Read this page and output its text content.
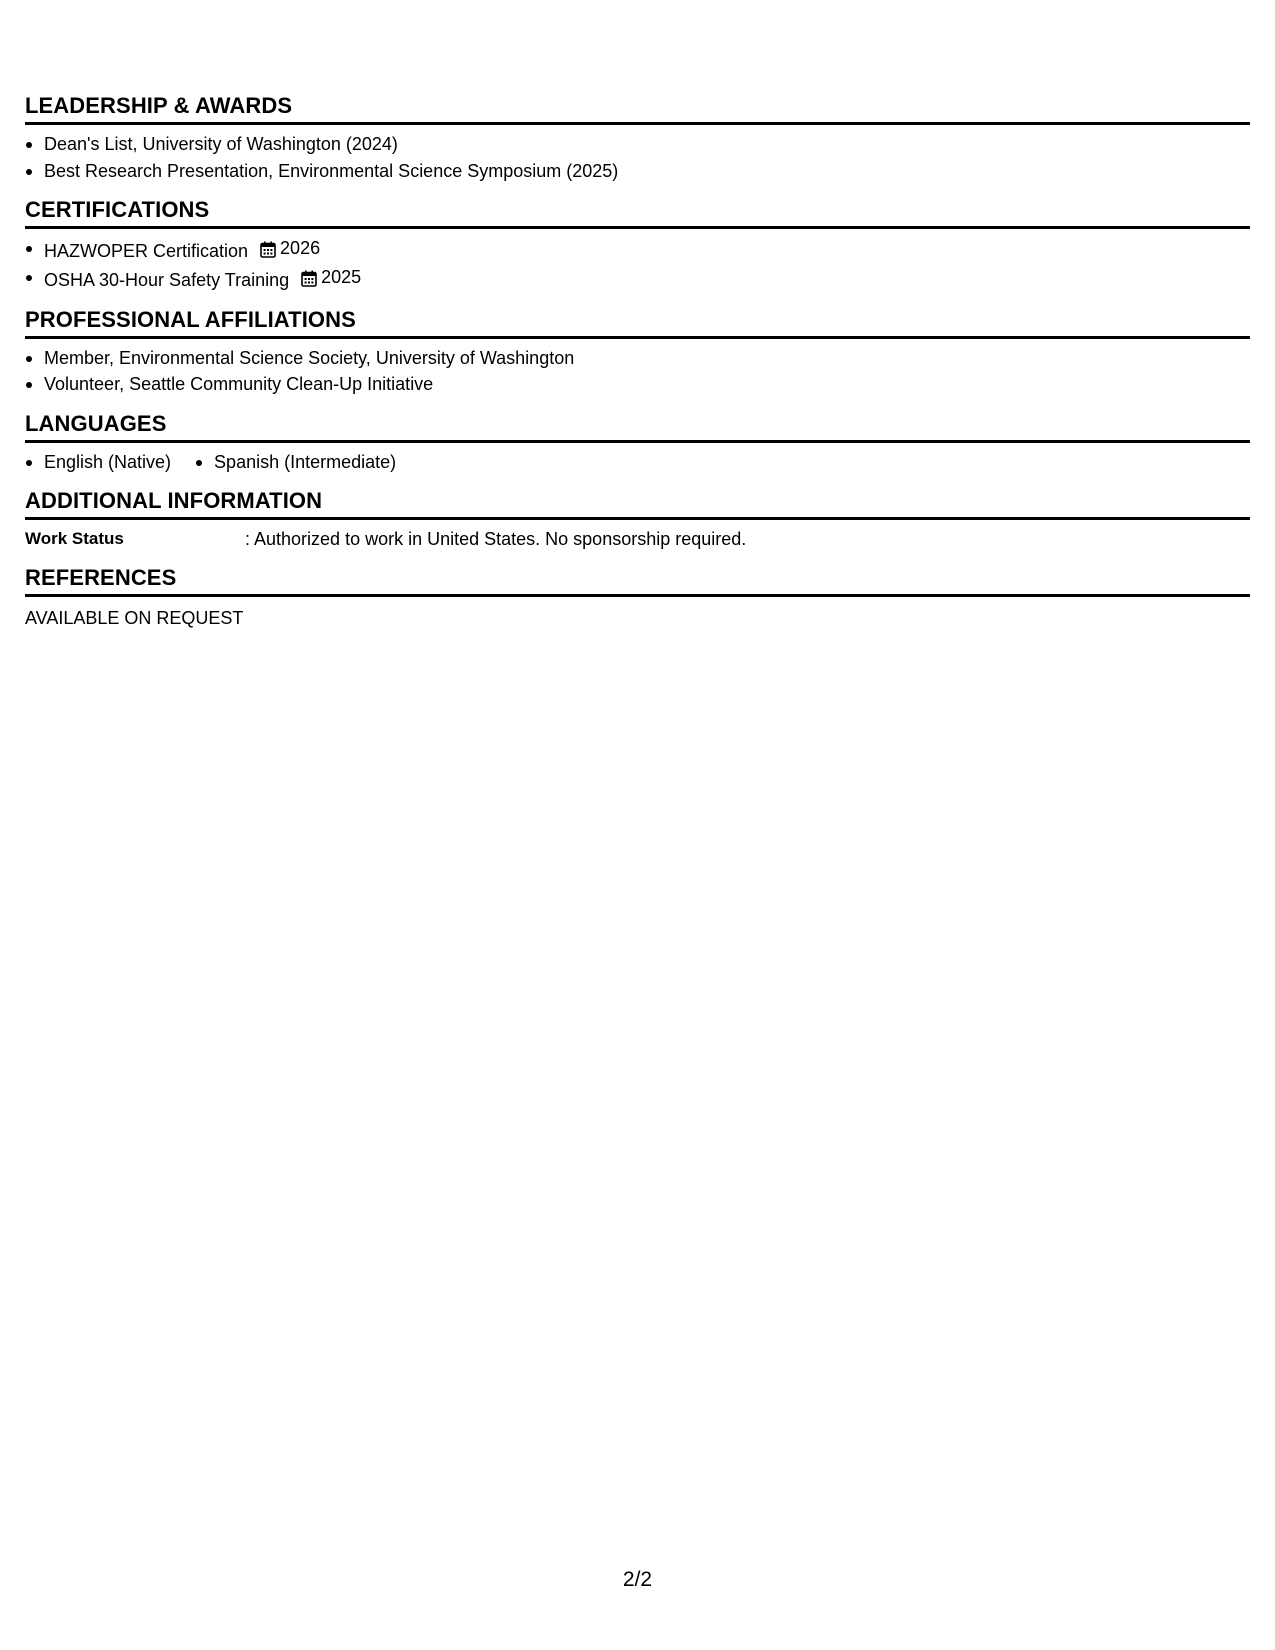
LEADERSHIP & AWARDS
Dean's List, University of Washington (2024)
Best Research Presentation, Environmental Science Symposium (2025)
CERTIFICATIONS
HAZWOPER Certification 2026
OSHA 30-Hour Safety Training 2025
PROFESSIONAL AFFILIATIONS
Member, Environmental Science Society, University of Washington
Volunteer, Seattle Community Clean-Up Initiative
LANGUAGES
English (Native)	Spanish (Intermediate)
ADDITIONAL INFORMATION
Work Status	: Authorized to work in United States. No sponsorship required.
REFERENCES
AVAILABLE ON REQUEST
2/2
